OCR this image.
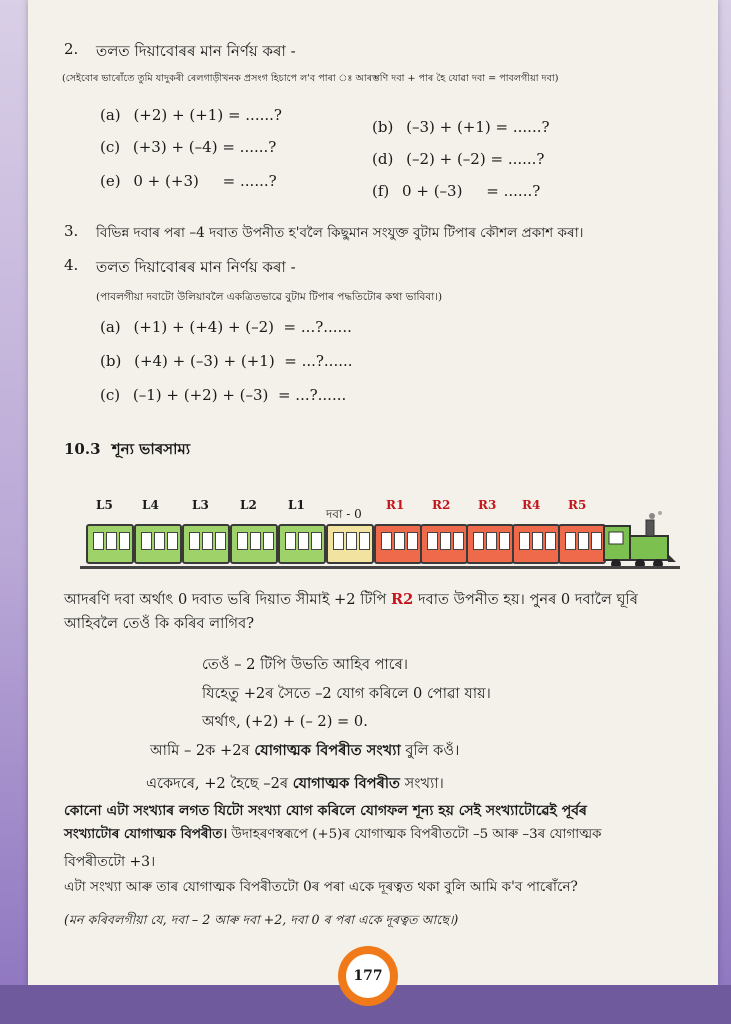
2. তলত দিয়াবোৰৰ মান নিৰ্ণয় কৰা -
(সেইবোৰ ভাৰোঁতে তুমি যাদুকৰী ৰেলগাড়ীখনক প্ৰসংগ হিচাপে ল'ব পাৰা ঃ আৰম্ভণি দবা + পাৰ হৈ যোৱা দবা = পাবলগীয়া দবা)
(a) (+2) + (+1) = ......?
(b) (–3) + (+1) = ......?
(c) (+3) + (–4) = ......?
(d) (–2) + (–2) = ......?
(e) 0 + (+3)     = ......?
(f) 0 + (–3)     = ......?
3. বিভিন্ন দবাৰ পৰা –4 দবাত উপনীত হ'বলৈ কিছুমান সংযুক্ত বুটাম টিপাৰ কৌশল প্ৰকাশ কৰা।
4. তলত দিয়াবোৰৰ মান নিৰ্ণয় কৰা -
(পাবলগীয়া দবাটো উলিয়াবলৈ একত্ৰিতভাৱে বুটাম টিপাৰ পদ্ধতিটোৰ কথা ভাবিবা।)
(a) (+1) + (+4) + (–2)  = ...?......
(b) (+4) + (–3) + (+1)  = ...?......
(c) (–1) + (+2) + (–3)  = ...?......
10.3 শূন্য ভাৰসাম্য
L5 L4	L3	L2	L1
দবা - 0
R1 R2 R3 R4 R5
আদৰণি দবা অৰ্থাৎ 0 দবাত ভৰি দিয়াত সীমাই +2 টিপি R2 দবাত উপনীত হয়। পুনৰ 0 দবালৈ ঘূৰি
আহিবলৈ তেওঁ কি কৰিব লাগিব?
তেওঁ – 2 টিপি উভতি আহিব পাৰে।
যিহেতু +2ৰ সৈতে –2 যোগ কৰিলে 0 পোৱা যায়।
অৰ্থাৎ, (+2) + (– 2) = 0.
আমি – 2ক +2ৰ যোগাত্মক বিপৰীত সংখ্যা বুলি কওঁ।
একেদৰে, +2 হৈছে –2ৰ যোগাত্মক বিপৰীত সংখ্যা।
কোনো এটা সংখ্যাৰ লগত যিটো সংখ্যা যোগ কৰিলে যোগফল শূন্য হয় সেই সংখ্যাটোৱেই পূৰ্বৰ
সংখ্যাটোৰ যোগাত্মক বিপৰীত। উদাহৰণস্বৰূপে (+5)ৰ যোগাত্মক বিপৰীতটো –5 আৰু –3ৰ যোগাত্মক
বিপৰীতটো +3।
এটা সংখ্যা আৰু তাৰ যোগাত্মক বিপৰীতটো 0ৰ পৰা একে দূৰত্বত থকা বুলি আমি ক'ব পাৰোঁনে?
(মন কৰিবলগীয়া যে, দবা – 2 আৰু দবা +2, দবা 0 ৰ পৰা একে দূৰত্বত আছে।)
177
